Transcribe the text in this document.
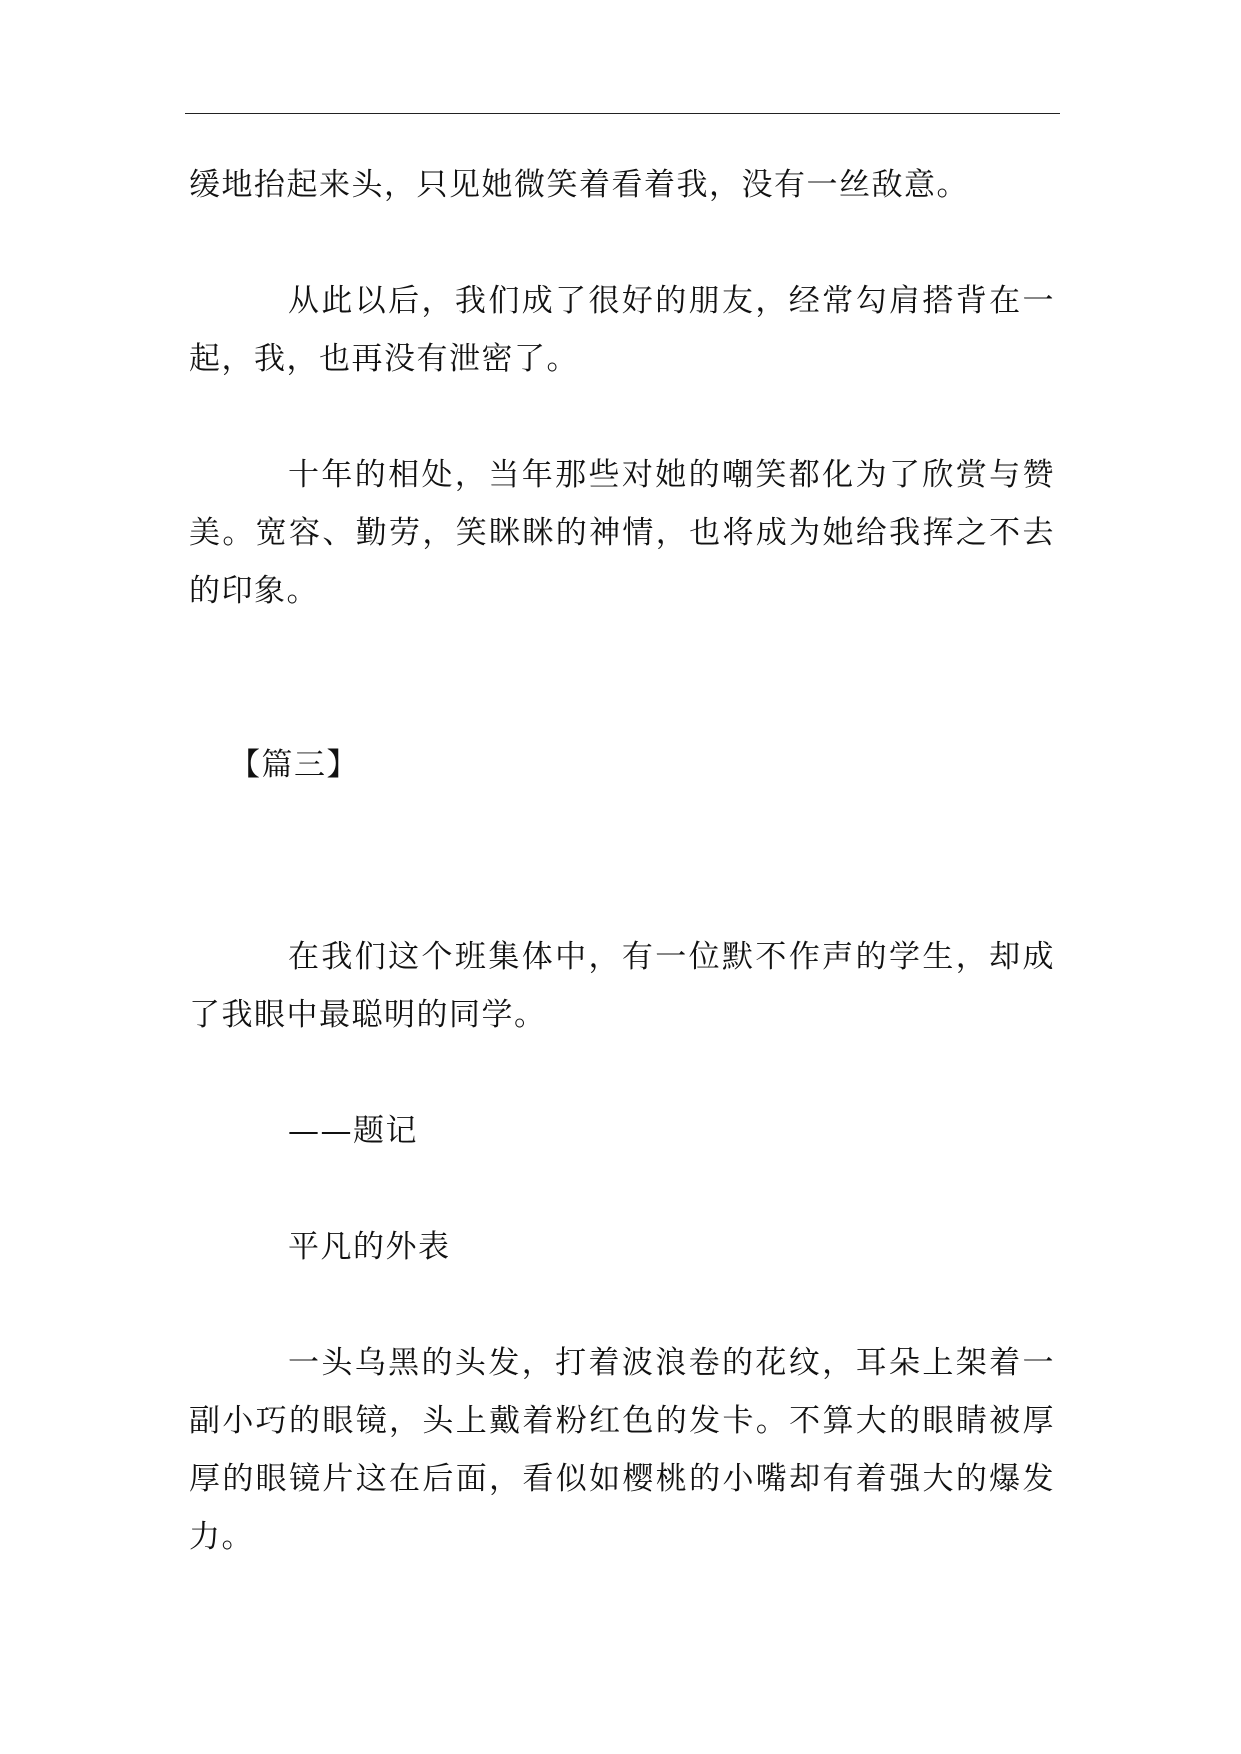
缓地抬起来头，只见她微笑着看着我，没有一丝敌意。

从此以后，我们成了很好的朋友，经常勾肩搭背在一起，我，也再没有泄密了。

十年的相处，当年那些对她的嘲笑都化为了欣赏与赞美。宽容、勤劳，笑眯眯的神情，也将成为她给我挥之不去的印象。

【篇三】

在我们这个班集体中，有一位默不作声的学生，却成了我眼中最聪明的同学。

——题记

平凡的外表

一头乌黑的头发，打着波浪卷的花纹，耳朵上架着一副小巧的眼镜，头上戴着粉红色的发卡。不算大的眼睛被厚厚的眼镜片这在后面，看似如樱桃的小嘴却有着强大的爆发力。
